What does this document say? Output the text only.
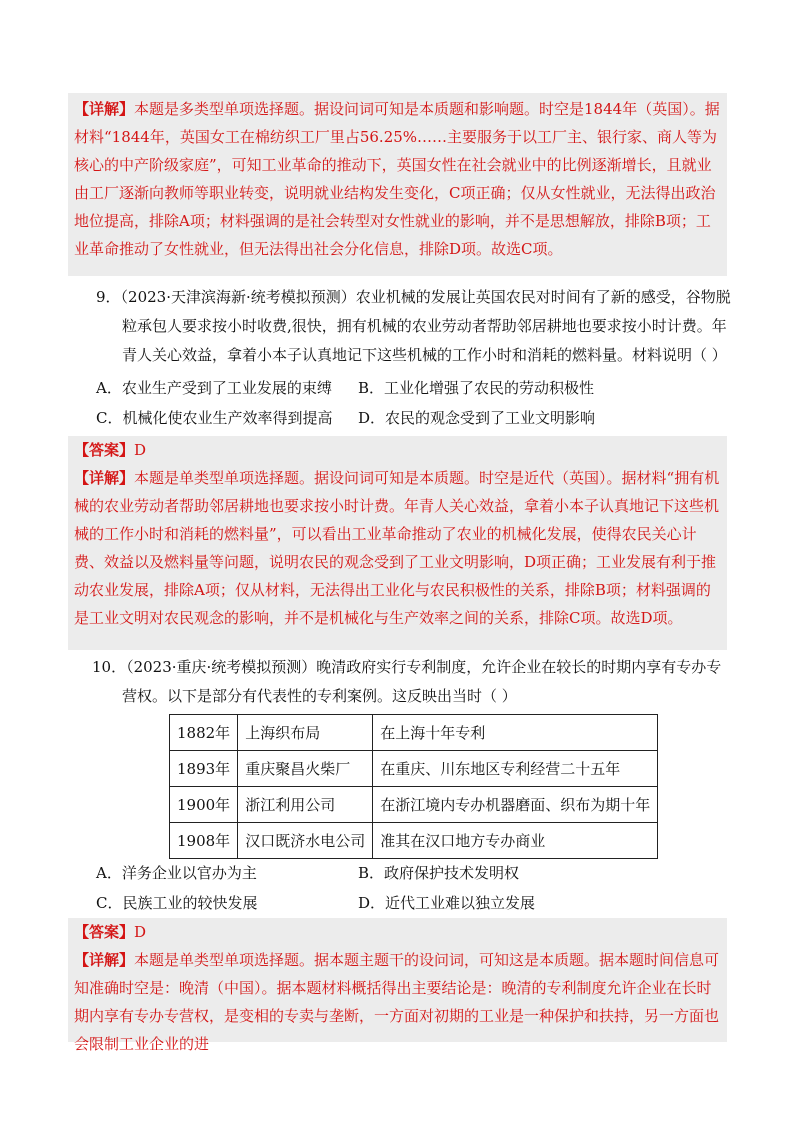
【详解】本题是多类型单项选择题。据设问词可知是本质题和影响题。时空是1844年（英国）。据材料“1844年，英国女工在棉纺织工厂里占56.25%……主要服务于以工厂主、银行家、商人等为核心的中产阶级家庭”，可知工业革命的推动下，英国女性在社会就业中的比例逐渐增长，且就业由工厂逐渐向教师等职业转变，说明就业结构发生变化，C项正确；仅从女性就业，无法得出政治地位提高，排除A项；材料强调的是社会转型对女性就业的影响，并不是思想解放，排除B项；工业革命推动了女性就业，但无法得出社会分化信息，排除D项。故选C项。
9．（2023·天津滨海新·统考模拟预测）农业机械的发展让英国农民对时间有了新的感受，谷物脱粒承包人要求按小时收费,很快，拥有机械的农业劳动者帮助邻居耕地也要求按小时计费。年青人关心效益，拿着小本子认真地记下这些机械的工作小时和消耗的燃料量。材料说明（ ）
A．农业生产受到了工业发展的束缚	B．工业化增强了农民的劳动积极性
C．机械化使农业生产效率得到提高	D．农民的观念受到了工业文明影响
【答案】D
【详解】本题是单类型单项选择题。据设问词可知是本质题。时空是近代（英国）。据材料“拥有机械的农业劳动者帮助邻居耕地也要求按小时计费。年青人关心效益，拿着小本子认真地记下这些机械的工作小时和消耗的燃料量”，可以看出工业革命推动了农业的机械化发展，使得农民关心计费、效益以及燃料量等问题，说明农民的观念受到了工业文明影响，D项正确；工业发展有利于推动农业发展，排除A项；仅从材料，无法得出工业化与农民积极性的关系，排除B项；材料强调的是工业文明对农民观念的影响，并不是机械化与生产效率之间的关系，排除C项。故选D项。
10．（2023·重庆·统考模拟预测）晚清政府实行专利制度，允许企业在较长的时期内享有专办专营权。以下是部分有代表性的专利案例。这反映出当时（ ）
1882年	上海织布局	在上海十年专利
1893年	重庆聚昌火柴厂	在重庆、川东地区专利经营二十五年
1900年	浙江利用公司	在浙江境内专办机器磨面、织布为期十年
1908年	汉口既济水电公司	准其在汉口地方专办商业
A．洋务企业以官办为主	B．政府保护技术发明权
C．民族工业的较快发展	D．近代工业难以独立发展
【答案】D
【详解】本题是单类型单项选择题。据本题主题干的设问词，可知这是本质题。据本题时间信息可知准确时空是：晚清（中国）。据本题材料概括得出主要结论是：晚清的专利制度允许企业在长时期内享有专办专营权，是变相的专卖与垄断，一方面对初期的工业是一种保护和扶持，另一方面也会限制工业企业的进
